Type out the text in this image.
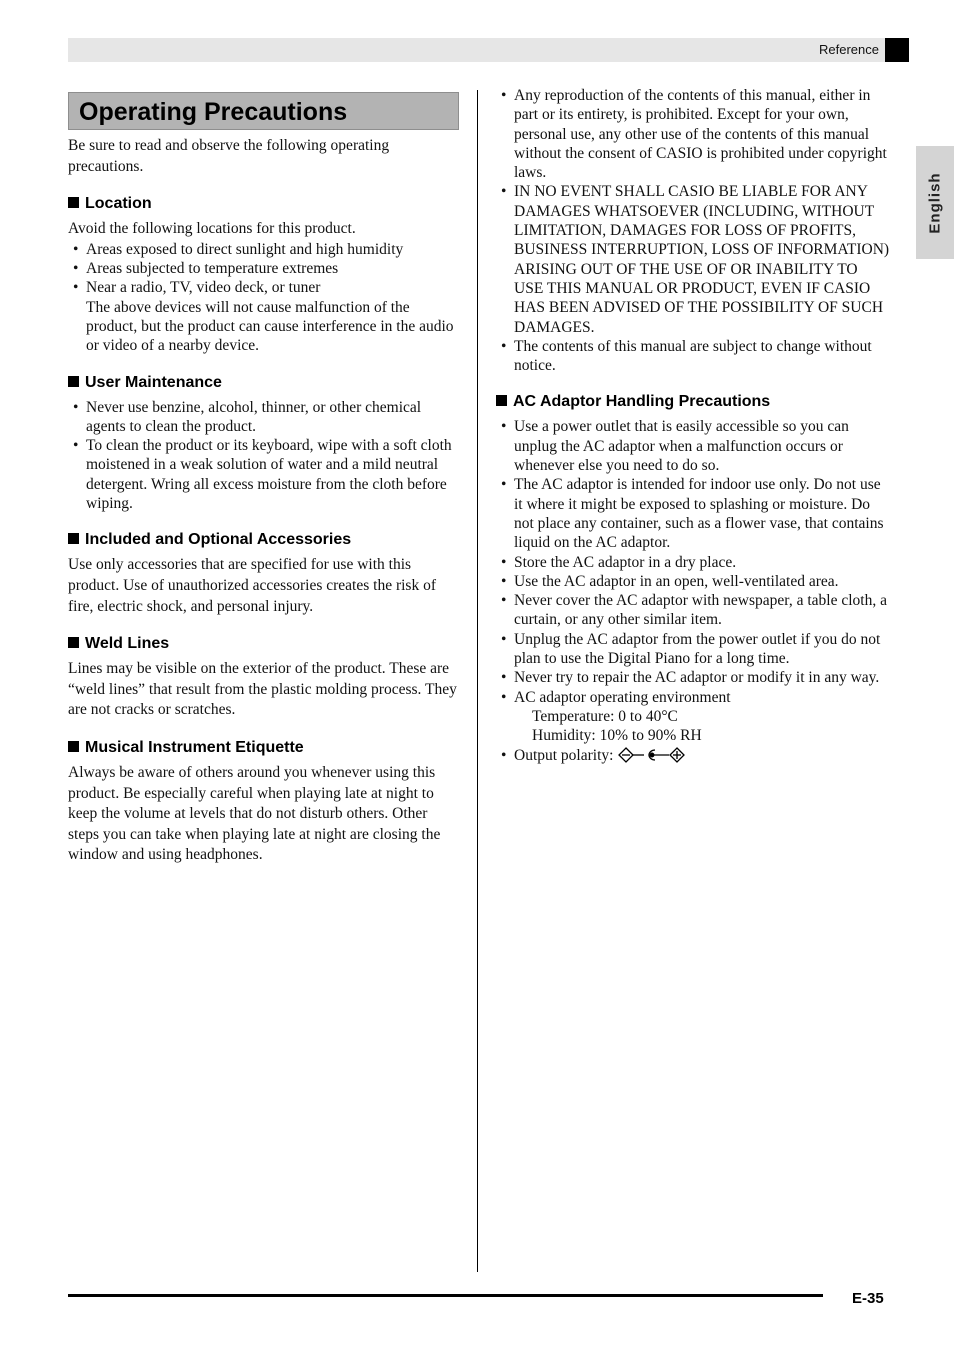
Reference
English
Operating Precautions

Be sure to read and observe the following operating precautions.

Location

Avoid the following locations for this product.

• Areas exposed to direct sunlight and high humidity
• Areas subjected to temperature extremes
• Near a radio, TV, video deck, or tuner
The above devices will not cause malfunction of the product, but the product can cause interference in the audio or video of a nearby device.
User Maintenance
• Never use benzine, alcohol, thinner, or other chemical agents to clean the product.
• To clean the product or its keyboard, wipe with a soft cloth moistened in a weak solution of water and a mild neutral detergent. Wring all excess moisture from the cloth before wiping.
Included and Optional Accessories

Use only accessories that are specified for use with this product. Use of unauthorized accessories creates the risk of fire, electric shock, and personal injury.

Weld Lines

Lines may be visible on the exterior of the product. These are “weld lines” that result from the plastic molding process. They are not cracks or scratches.

Musical Instrument Etiquette

Always be aware of others around you whenever using this product. Be especially careful when playing late at night to keep the volume at levels that do not disturb others. Other steps you can take when playing late at night are closing the window and using headphones.

• Any reproduction of the contents of this manual, either in part or its entirety, is prohibited. Except for your own, personal use, any other use of the contents of this manual without the consent of CASIO is prohibited under copyright laws.
• IN NO EVENT SHALL CASIO BE LIABLE FOR ANY DAMAGES WHATSOEVER (INCLUDING, WITHOUT LIMITATION, DAMAGES FOR LOSS OF PROFITS, BUSINESS INTERRUPTION, LOSS OF INFORMATION) ARISING OUT OF THE USE OF OR INABILITY TO USE THIS MANUAL OR PRODUCT, EVEN IF CASIO HAS BEEN ADVISED OF THE POSSIBILITY OF SUCH DAMAGES.
• The contents of this manual are subject to change without notice.
AC Adaptor Handling Precautions
• Use a power outlet that is easily accessible so you can unplug the AC adaptor when a malfunction occurs or whenever else you need to do so.
• The AC adaptor is intended for indoor use only. Do not use it where it might be exposed to splashing or moisture. Do not place any container, such as a flower vase, that contains liquid on the AC adaptor.
• Store the AC adaptor in a dry place.
• Use the AC adaptor in an open, well-ventilated area.
• Never cover the AC adaptor with newspaper, a table cloth, a curtain, or any other similar item.
• Unplug the AC adaptor from the power outlet if you do not plan to use the Digital Piano for a long time.
• Never try to repair the AC adaptor or modify it in any way.
• AC adaptor operating environment
Temperature: 0 to 40°C
Humidity: 10% to 90% RH
• Output polarity:
E-35
